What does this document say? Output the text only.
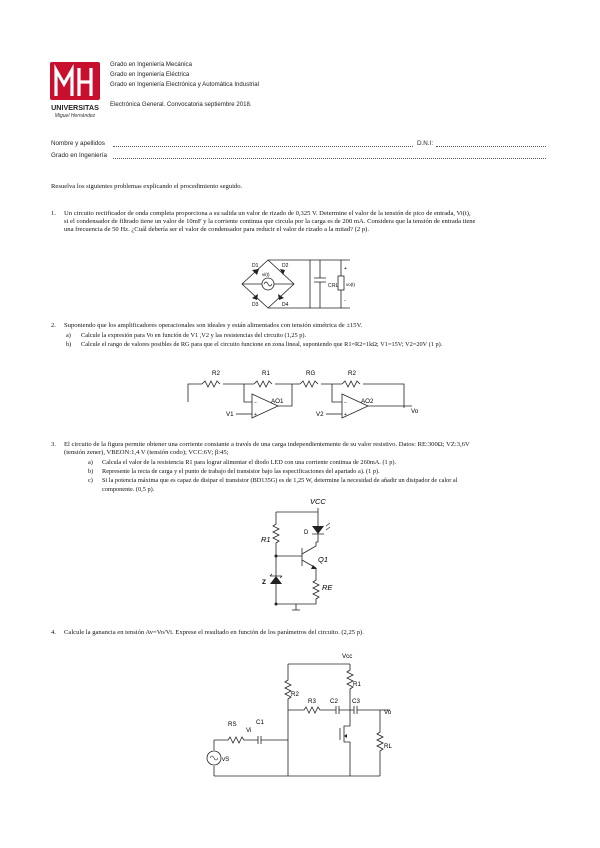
UNIVERSITAS
Miguel Hernández
Grado en Ingeniería Mecánica
Grado en Ingeniería Eléctrica
Grado en Ingeniería Electrónica y Automática Industrial
Electrónica General. Convocatoria septiembre 2018.
Nombre y apellidos	D.N.I:
Grado en Ingeniería
Resuelva los siguientes problemas explicando el procedimiento seguido.
1. Un circuito rectificador de onda completa proporciona a su salida un valor de rizado de 0,325 V. Determine el valor de la tensión de pico de entrada, Vi(t),
si el condensador de filtrado tiene un valor de 10mF y la corriente continua que circula por la carga es de 200 mA. Considera que la tensión de entrada tiene
una frecuencia de 50 Hz. ¿Cuál debería ser el valor de condensador para reducir el valor de rizado a la mitad? (2 p).
D1	D2
D3	D4
vi(t)
C RL vo(t)
+
-
2. Suponiendo que los amplificadores operacionales son ideales y están alimentados con tensión simétrica de ±15V.
a) Calcule la expresión para Vo en función de V1 ,V2 y las resistencias del circuito (1,25 p).
b) Calcule el rango de valores posibles de RG para que el circuito funcione en zona lineal, suponiendo que R1=R2=1kΩ; V1=15V; V2=20V (1 p).
R2	R1	RG	R2
AO1	AO2
V1	V2	Vo
−
+
−
+
3. El circuito de la figura permite obtener una corriente constante a través de una carga independientemente de su valor resistivo. Datos: RE:300Ω; VZ:3,6V
(tensión zener), VBEON:1,4 V (tensión codo); VCC:6V; β:45;
a) Calcula el valor de la resistencia R1 para lograr alimentar el diodo LED con una corriente continua de 260mA. (1 p).
b) Represente la recta de carga y el punto de trabajo del transistor bajo las especificaciones del apartado a). (1 p).
c) Si la potencia máxima que es capaz de disipar el transistor (BD135G) es de 1,25 W, determine la necesidad de añadir un disipador de calor al
componente. (0,5 p).
VCC
R1
D
Q1
Z
RE
4. Calcule la ganancia en tensión Av=Vo/Vi. Exprese el resultado en función de los parámetros del circuito. (2,25 p).
Vcc
R1
R2
R3 C2 C3
C1
RS
Vi
vS
Vo
RL
